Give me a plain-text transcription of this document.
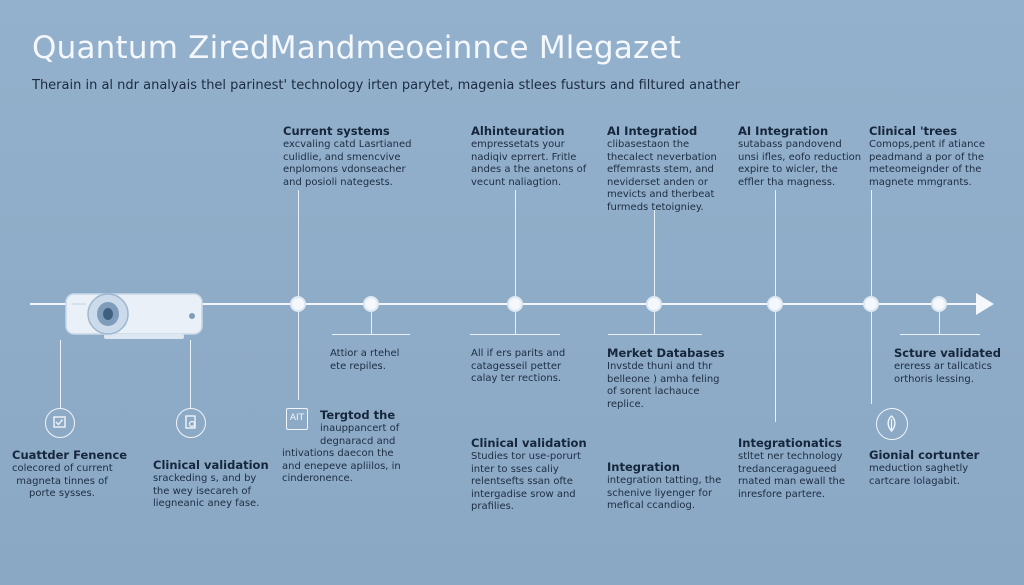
Quantum ZiredMandmeoeinnce Mlegazet
Therain in al ndr analyais thel parinest' technology irten parytet, magenia stlees fusturs and filtured anather
Current systems
excvaling catd Lasrtianed
culidlie, and smencvive
enplomons vdonseacher
and posioli nategests.
Alhinteuration
empressetats your
nadiqiv eprrert. Fritle
andes a the anetons of
vecunt naliagtion.
AI Integratiod
clibasestaon the
thecalect neverbation
effemrasts stem, and
neviderset anden or
mevicts and therbeat
furmeds tetoigniey.
AI Integration
sutabass pandovend
unsi ifles, eofo reduction
expire to wicler, the
effler tha magness.
Clinical 'trees
Comops,pent if atiance
peadmand a por of the
meteomeignder of the
magnete mmgrants.
Attior a rtehel
ete repiles.
All if ers parits and
catagesseil petter
calay ter rections.
Merket Databases
Invstde thuni and thr
belleone ) amha feling
of sorent lachauce
replice.
Scture validated
ereress ar tallcatics
orthoris lessing.
AIT
Cuattder Fenence
colecored of current
magneta tinnes of
porte sysses.
Clinical validation
srackeding s, and by
the wey isecareh of
liegneanic aney fase.
Tergtod the
inauppancert of
degnaracd and
intivations daecon the
and enepeve apliilos, in
cinderonence.
Clinical validation
Studies tor use-porurt
inter to sses caliy
relentsefts ssan ofte
intergadise srow and
prafilies.
Integration
integration tatting, the
schenive liyenger for
mefical ccandiog.
Integrationatics
stltet ner technology
tredanceragagueed
rnated man ewall the
inresfore partere.
Gionial cortunter
meduction saghetly
cartcare lolagabit.
